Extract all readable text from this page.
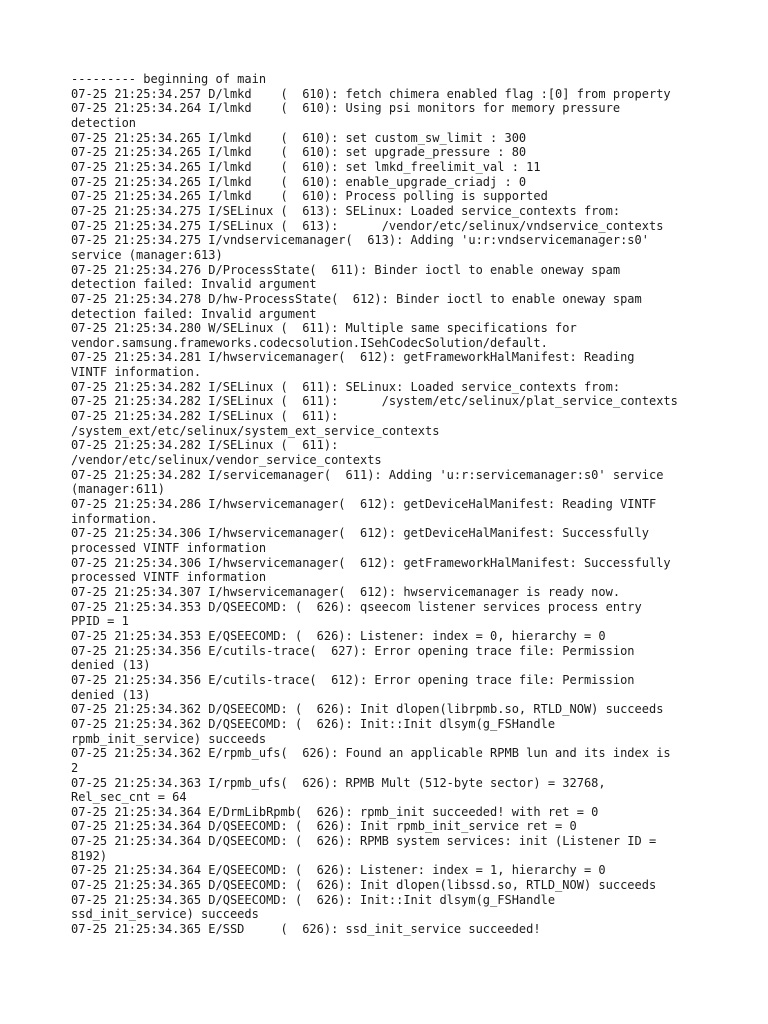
--------- beginning of main
07-25 21:25:34.257 D/lmkd    (  610): fetch chimera enabled flag :[0] from property
07-25 21:25:34.264 I/lmkd    (  610): Using psi monitors for memory pressure
detection
07-25 21:25:34.265 I/lmkd    (  610): set custom_sw_limit : 300
07-25 21:25:34.265 I/lmkd    (  610): set upgrade_pressure : 80
07-25 21:25:34.265 I/lmkd    (  610): set lmkd_freelimit_val : 11
07-25 21:25:34.265 I/lmkd    (  610): enable_upgrade_criadj : 0
07-25 21:25:34.265 I/lmkd    (  610): Process polling is supported
07-25 21:25:34.275 I/SELinux (  613): SELinux: Loaded service_contexts from:
07-25 21:25:34.275 I/SELinux (  613):      /vendor/etc/selinux/vndservice_contexts
07-25 21:25:34.275 I/vndservicemanager(  613): Adding 'u:r:vndservicemanager:s0'
service (manager:613)
07-25 21:25:34.276 D/ProcessState(  611): Binder ioctl to enable oneway spam
detection failed: Invalid argument
07-25 21:25:34.278 D/hw-ProcessState(  612): Binder ioctl to enable oneway spam
detection failed: Invalid argument
07-25 21:25:34.280 W/SELinux (  611): Multiple same specifications for
vendor.samsung.frameworks.codecsolution.ISehCodecSolution/default.
07-25 21:25:34.281 I/hwservicemanager(  612): getFrameworkHalManifest: Reading
VINTF information.
07-25 21:25:34.282 I/SELinux (  611): SELinux: Loaded service_contexts from:
07-25 21:25:34.282 I/SELinux (  611):      /system/etc/selinux/plat_service_contexts
07-25 21:25:34.282 I/SELinux (  611):
/system_ext/etc/selinux/system_ext_service_contexts
07-25 21:25:34.282 I/SELinux (  611):
/vendor/etc/selinux/vendor_service_contexts
07-25 21:25:34.282 I/servicemanager(  611): Adding 'u:r:servicemanager:s0' service
(manager:611)
07-25 21:25:34.286 I/hwservicemanager(  612): getDeviceHalManifest: Reading VINTF
information.
07-25 21:25:34.306 I/hwservicemanager(  612): getDeviceHalManifest: Successfully
processed VINTF information
07-25 21:25:34.306 I/hwservicemanager(  612): getFrameworkHalManifest: Successfully
processed VINTF information
07-25 21:25:34.307 I/hwservicemanager(  612): hwservicemanager is ready now.
07-25 21:25:34.353 D/QSEECOMD: (  626): qseecom listener services process entry
PPID = 1
07-25 21:25:34.353 E/QSEECOMD: (  626): Listener: index = 0, hierarchy = 0
07-25 21:25:34.356 E/cutils-trace(  627): Error opening trace file: Permission
denied (13)
07-25 21:25:34.356 E/cutils-trace(  612): Error opening trace file: Permission
denied (13)
07-25 21:25:34.362 D/QSEECOMD: (  626): Init dlopen(librpmb.so, RTLD_NOW) succeeds
07-25 21:25:34.362 D/QSEECOMD: (  626): Init::Init dlsym(g_FSHandle
rpmb_init_service) succeeds
07-25 21:25:34.362 E/rpmb_ufs(  626): Found an applicable RPMB lun and its index is
2
07-25 21:25:34.363 I/rpmb_ufs(  626): RPMB Mult (512-byte sector) = 32768,
Rel_sec_cnt = 64
07-25 21:25:34.364 E/DrmLibRpmb(  626): rpmb_init succeeded! with ret = 0
07-25 21:25:34.364 D/QSEECOMD: (  626): Init rpmb_init_service ret = 0
07-25 21:25:34.364 D/QSEECOMD: (  626): RPMB system services: init (Listener ID =
8192)
07-25 21:25:34.364 E/QSEECOMD: (  626): Listener: index = 1, hierarchy = 0
07-25 21:25:34.365 D/QSEECOMD: (  626): Init dlopen(libssd.so, RTLD_NOW) succeeds
07-25 21:25:34.365 D/QSEECOMD: (  626): Init::Init dlsym(g_FSHandle
ssd_init_service) succeeds
07-25 21:25:34.365 E/SSD     (  626): ssd_init_service succeeded!
